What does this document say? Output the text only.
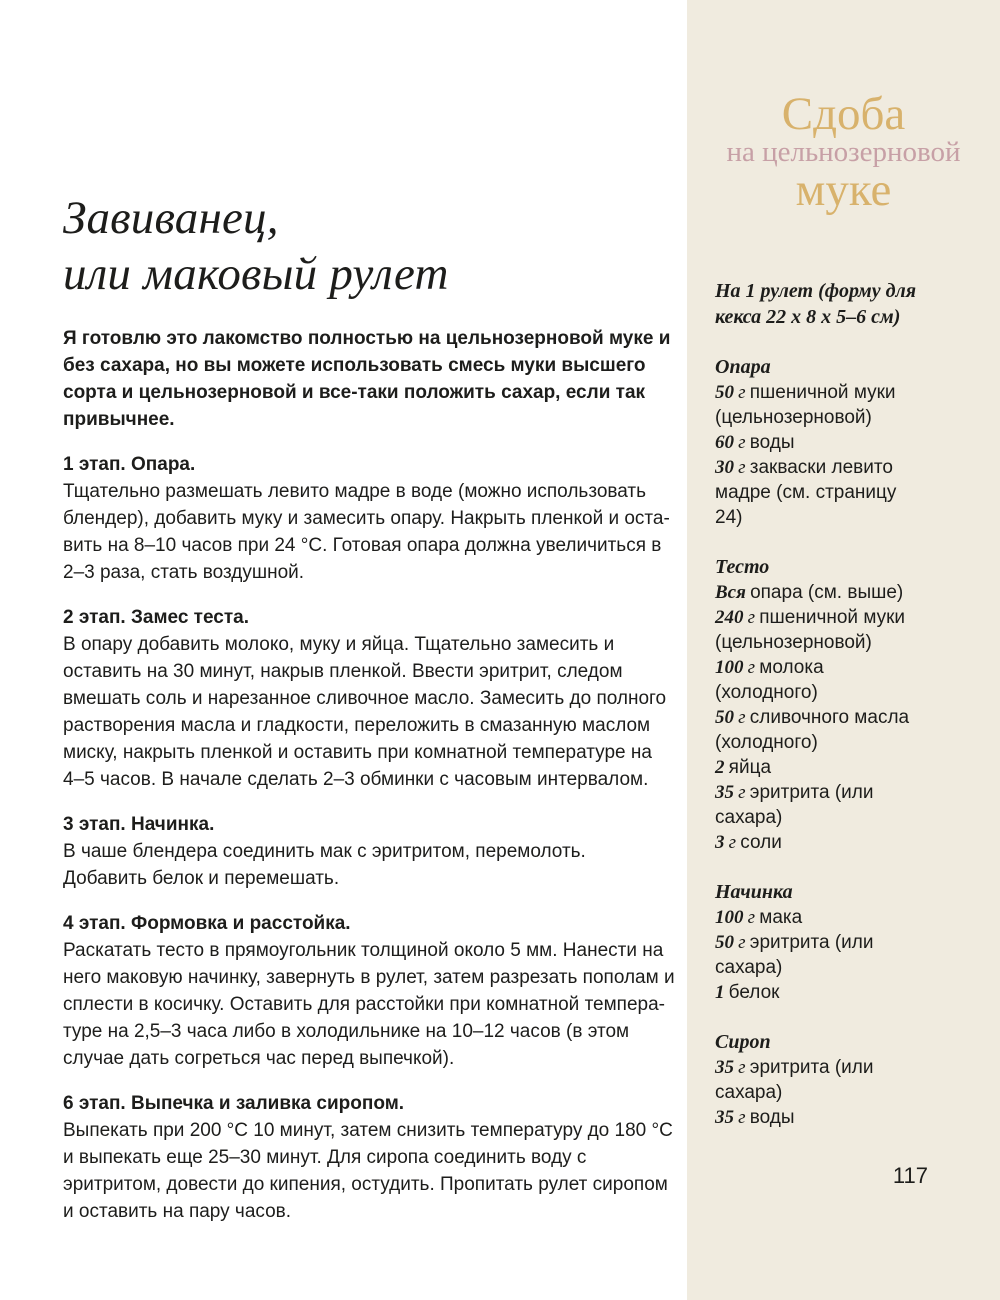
Завиванец,
или маковый рулет

Я готовлю это лакомство полностью на цельнозерновой муке и без сахара, но вы можете использовать смесь муки высшего сорта и цельнозерновой и все-таки положить сахар, если так привычнее.

1 этап. Опара.

Тщательно размешать левито мадре в воде (можно использовать блендер), добавить муку и замесить опару. Накрыть пленкой и оставить на 8–10 часов при 24 °С. Готовая опара должна увеличиться в 2–3 раза, стать воздушной.

2 этап. Замес теста.

В опару добавить молоко, муку и яйца. Тщательно замесить и оставить на 30 минут, накрыв пленкой. Ввести эритрит, следом вмешать соль и нарезанное сливочное масло. Замесить до полного растворения масла и гладкости, переложить в смазанную маслом миску, накрыть пленкой и оставить при комнатной температуре на 4–5 часов. В начале сделать 2–3 обминки с часовым интервалом.

3 этап. Начинка.

В чаше блендера соединить мак с эритритом, перемолоть. Добавить белок и перемешать.

4 этап. Формовка и расстойка.

Раскатать тесто в прямоугольник толщиной около 5 мм. Нанести на него маковую начинку, завернуть в рулет, затем разрезать пополам и сплести в косичку. Оставить для расстойки при комнатной температуре на 2,5–3 часа либо в холодильнике на 10–12 часов (в этом случае дать согреться час перед выпечкой).

6 этап. Выпечка и заливка сиропом.

Выпекать при 200 °С 10 минут, затем снизить температуру до 180 °С и выпекать еще 25–30 минут. Для сиропа соединить воду с эритритом, довести до кипения, остудить. Пропитать рулет сиропом и оставить на пару часов.

Сдоба
на цельнозерновой
муке

На 1 рулет (форму для кекса 22 x 8 x 5–6 см)

Опара
50 г пшеничной муки (цельнозерновой)
60 г воды
30 г закваски левито мадре (см. страницу 24)
Тесто
Вся опара (см. выше)
240 г пшеничной муки (цельнозерновой)
100 г молока (холодного)
50 г сливочного масла (холодного)
2 яйца
35 г эритрита (или сахара)
3 г соли
Начинка
100 г мака
50 г эритрита (или сахара)
1 белок
Сироп
35 г эритрита (или сахара)
35 г воды
117
